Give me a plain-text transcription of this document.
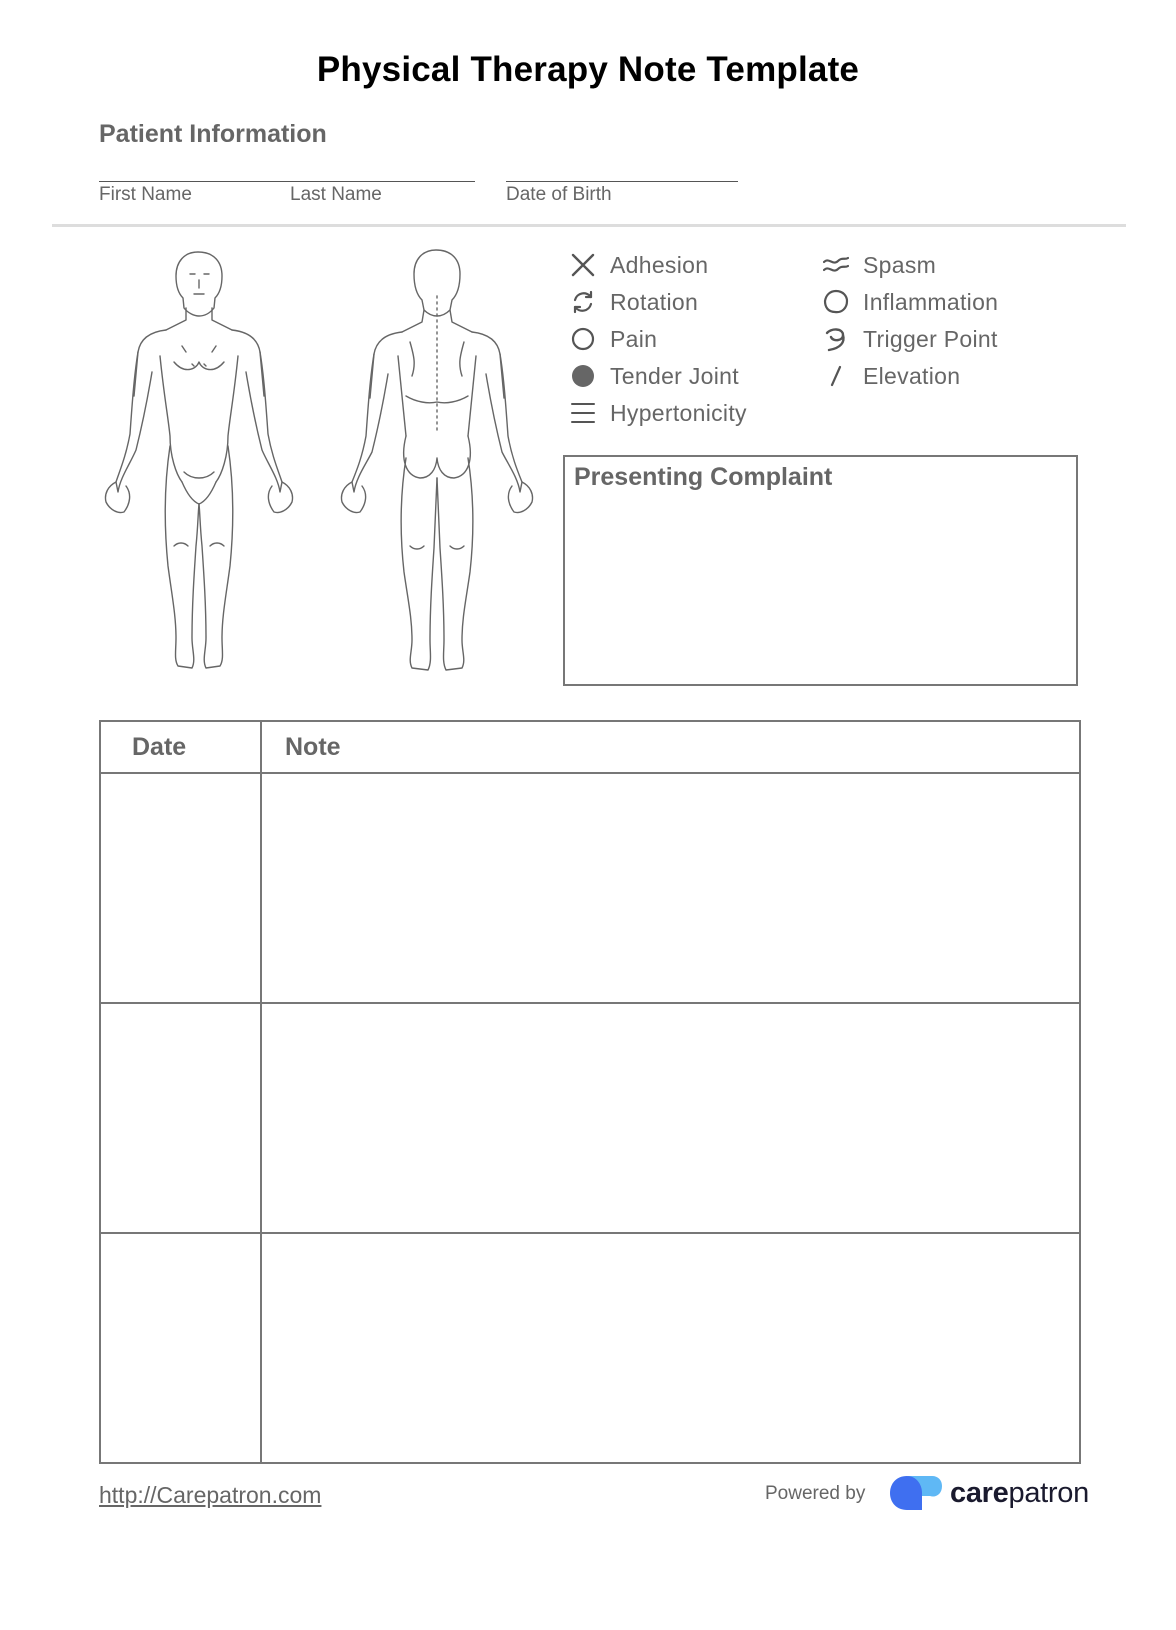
Physical Therapy Note Template
Patient Information
First Name	Last Name	Date of Birth
Adhesion
Rotation
Pain
Tender Joint
Hypertonicity
Spasm
Inflammation
Trigger Point
Elevation
Presenting Complaint
Date	Note

http://Carepatron.com	Powered by	carepatron
